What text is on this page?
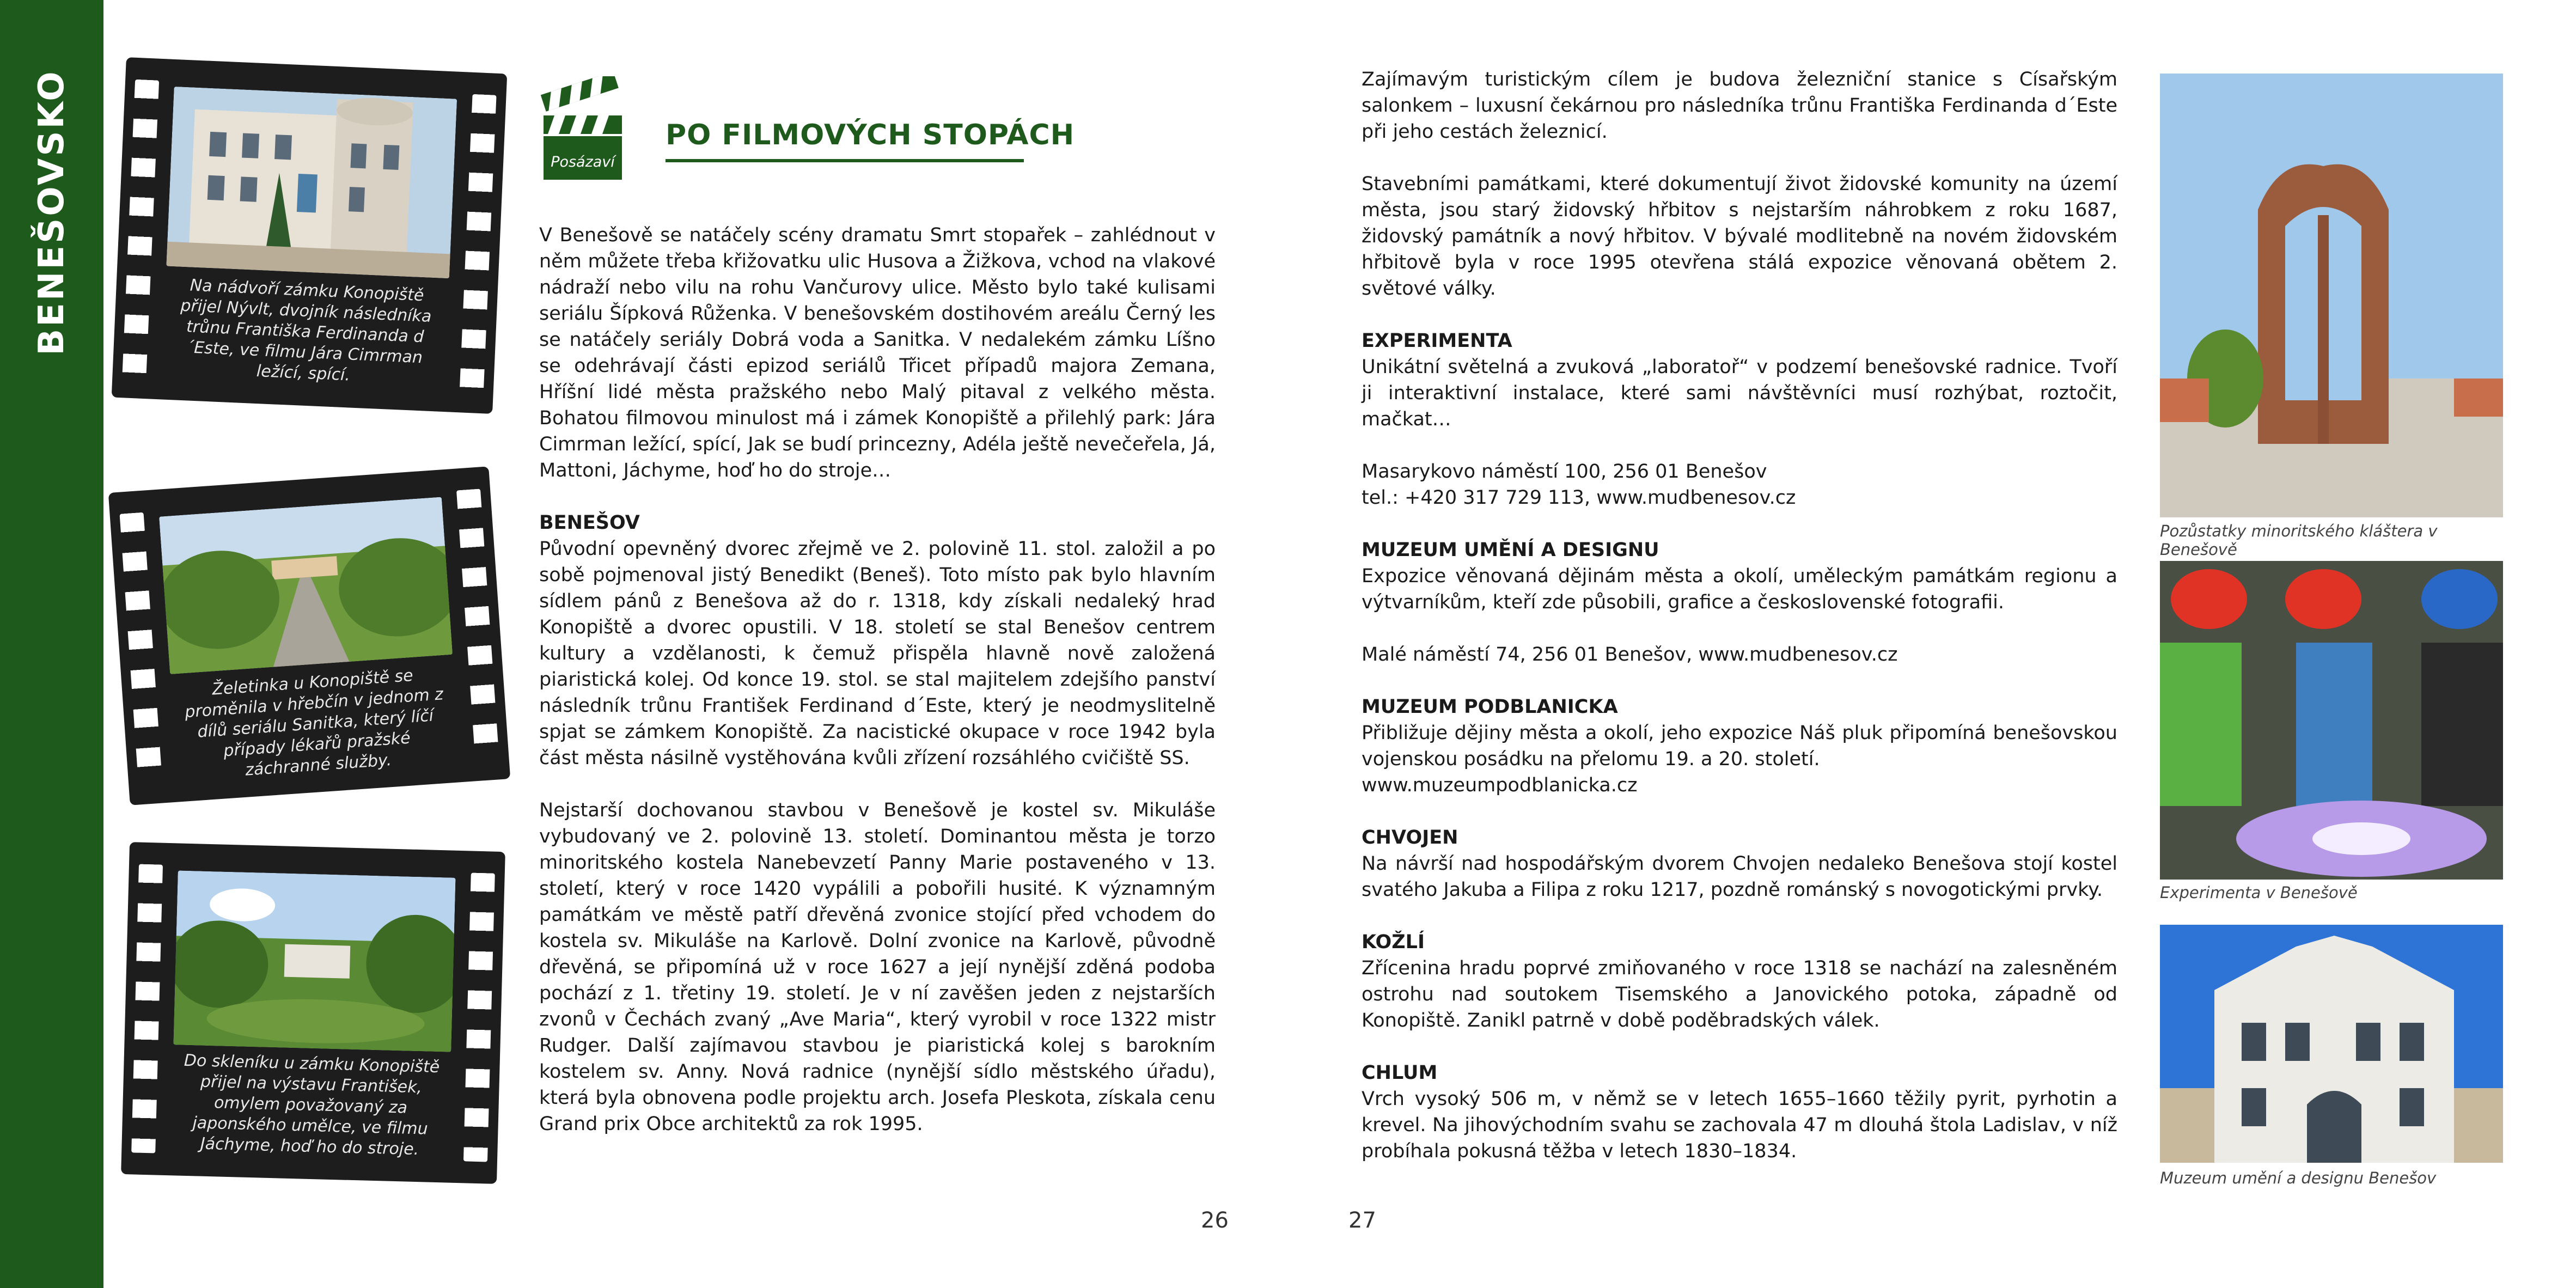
BENEŠOVSKO	Na nádvoří zámku Konopiště přijel Nývlt, dvojník následníka trůnu Františka Ferdinanda d´Este, ve filmu Jára Cimrman ležící, spící.
Želetinka u Konopiště se proměnila v hřebčín v jednom z dílů seriálu Sanitka, který líčí případy lékařů pražské záchranné služby.
Do skleníku u zámku Konopiště přijel na výstavu František, omylem považovaný za japonského umělce, ve filmu Jáchyme, hoď ho do stroje.
Posázaví
PO FILMOVÝCH STOPÁCH

V Benešově se natáčely scény dramatu Smrt stopařek – zahlédnout v něm můžete třeba křižovatku ulic Husova a Žižkova, vchod na vlakové nádraží nebo vilu na rohu Vančurovy ulice. Město bylo také kulisami seriálu Šípková Růženka. V benešovském dostihovém areálu Černý les se natáčely seriály Dobrá voda a Sanitka. V nedalekém zámku Líšno se odehrávají části epizod seriálů Třicet případů majora Zemana, Hříšní lidé města pražského nebo Malý pitaval z velkého města. Bohatou filmovou minulost má i zámek Konopiště a přilehlý park: Jára Cimrman ležící, spící, Jak se budí princezny, Adéla ještě nevečeřela, Já, Mattoni, Jáchyme, hoď ho do stroje…

BENEŠOV

Původní opevněný dvorec zřejmě ve 2. polovině 11. stol. založil a po sobě pojmenoval jistý Benedikt (Beneš). Toto místo pak bylo hlavním sídlem pánů z Benešova až do r. 1318, kdy získali nedaleký hrad Konopiště a dvorec opustili. V 18. století se stal Benešov centrem kultury a vzdělanosti, k čemuž přispěla hlavně nově založená piaristická kolej. Od konce 19. stol. se stal majitelem zdejšího panství následník trůnu František Ferdinand d´Este, který je neodmyslitelně spjat se zámkem Konopiště. Za nacistické okupace v roce 1942 byla část města násilně vystěhována kvůli zřízení rozsáhlého cvičiště SS.

Nejstarší dochovanou stavbou v Benešově je kostel sv. Mikuláše vybudovaný ve 2. polovině 13. století. Dominantou města je torzo minoritského kostela Nanebevzetí Panny Marie postaveného v 13. století, který v roce 1420 vypálili a pobořili husité. K významným památkám ve městě patří dřevěná zvonice stojící před vchodem do kostela sv. Mikuláše na Karlově. Dolní zvonice na Karlově, původně dřevěná, se připomíná už v roce 1627 a její nynější zděná podoba pochází z 1. třetiny 19. století. Je v ní zavěšen jeden z nejstarších zvonů v Čechách zvaný „Ave Maria“, který vyrobil v roce 1322 mistr Rudger. Další zajímavou stavbou je piaristická kolej s barokním kostelem sv. Anny. Nová radnice (nynější sídlo městského úřadu), která byla obnovena podle projektu arch. Josefa Pleskota, získala cenu Grand prix Obce architektů za rok 1995.

Zajímavým turistickým cílem je budova železniční stanice s Císařským salonkem – luxusní čekárnou pro následníka trůnu Františka Ferdinanda d´Este při jeho cestách železnicí.

Stavebními památkami, které dokumentují život židovské komunity na území města, jsou starý židovský hřbitov s nejstarším náhrobkem z roku 1687, židovský památník a nový hřbitov. V bývalé modlitebně na novém židovském hřbitově byla v roce 1995 otevřena stálá expozice věnovaná obětem 2. světové války.

EXPERIMENTA

Unikátní světelná a zvuková „laboratoř“ v podzemí benešovské radnice. Tvoří ji interaktivní instalace, které sami návštěvníci musí rozhýbat, roztočit, mačkat…

Masarykovo náměstí 100, 256 01 Benešov

tel.: +420 317 729 113, www.mudbenesov.cz

MUZEUM UMĚNÍ A DESIGNU

Expozice věnovaná dějinám města a okolí, uměleckým památkám regionu a výtvarníkům, kteří zde působili, grafice a československé fotografii.

Malé náměstí 74, 256 01 Benešov, www.mudbenesov.cz

MUZEUM PODBLANICKA
Přibližuje dějiny města a okolí, jeho expozice Náš pluk připomíná benešovskou vojenskou posádku na přelomu 19. a 20. století.

www.muzeumpodblanicka.cz

CHVOJEN

Na návrší nad hospodářským dvorem Chvojen nedaleko Benešova stojí kostel svatého Jakuba a Filipa z roku 1217, pozdně románský s novogotickými prvky.

KOŽLÍ

Zřícenina hradu poprvé zmiňovaného v roce 1318 se nachází na zalesněném ostrohu nad soutokem Tisemského a Janovického potoka, západně od Konopiště. Zanikl patrně v době poděbradských válek.

CHLUM

Vrch vysoký 506 m, v němž se v letech 1655–1660 těžily pyrit, pyrhotin a krevel. Na jihovýchodním svahu se zachovala 47 m dlouhá štola Ladislav, v níž probíhala pokusná těžba v letech 1830–1834.

Pozůstatky minoritského kláštera v Benešově
Experimenta v Benešově
Muzeum umění a designu Benešov
26	27
